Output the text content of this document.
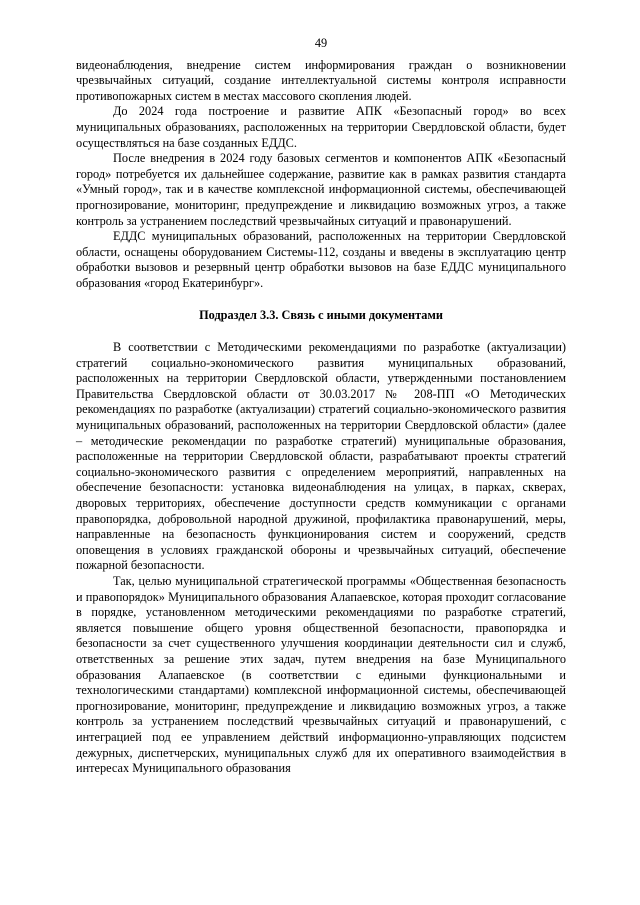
49

видеонаблюдения, внедрение систем информирования граждан о возникновении чрезвычайных ситуаций, создание интеллектуальной системы контроля исправности противопожарных систем в местах массового скопления людей.

До 2024 года построение и развитие АПК «Безопасный город» во всех муниципальных образованиях, расположенных на территории Свердловской области, будет осуществляться на базе созданных ЕДДС.

После внедрения в 2024 году базовых сегментов и компонентов АПК «Безопасный город» потребуется их дальнейшее содержание, развитие как в рамках развития стандарта «Умный город», так и в качестве комплексной информационной системы, обеспечивающей прогнозирование, мониторинг, предупреждение и ликвидацию возможных угроз, а также контроль за устранением последствий чрезвычайных ситуаций и правонарушений.

ЕДДС муниципальных образований, расположенных на территории Свердловской области, оснащены оборудованием Системы-112, созданы и введены в эксплуатацию центр обработки вызовов и резервный центр обработки вызовов на базе ЕДДС муниципального образования «город Екатеринбург».

Подраздел 3.3. Связь с иными документами

В соответствии с Методическими рекомендациями по разработке (актуализации) стратегий социально-экономического развития муниципальных образований, расположенных на территории Свердловской области, утвержденными постановлением Правительства Свердловской области от 30.03.2017 № 208-ПП «О Методических рекомендациях по разработке (актуализации) стратегий социально-экономического развития муниципальных образований, расположенных на территории Свердловской области» (далее – методические рекомендации по разработке стратегий) муниципальные образования, расположенные на территории Свердловской области, разрабатывают проекты стратегий социально-экономического развития с определением мероприятий, направленных на обеспечение безопасности: установка видеонаблюдения на улицах, в парках, скверах, дворовых территориях, обеспечение доступности средств коммуникации с органами правопорядка, добровольной народной дружиной, профилактика правонарушений, меры, направленные на безопасность функционирования систем и сооружений, средств оповещения в условиях гражданской обороны и чрезвычайных ситуаций, обеспечение пожарной безопасности.

Так, целью муниципальной стратегической программы «Общественная безопасность и правопорядок» Муниципального образования Алапаевское, которая проходит согласование в порядке, установленном методическими рекомендациями по разработке стратегий, является повышение общего уровня общественной безопасности, правопорядка и безопасности за счет существенного улучшения координации деятельности сил и служб, ответственных за решение этих задач, путем внедрения на базе Муниципального образования Алапаевское (в соответствии с едиными функциональными и технологическими стандартами) комплексной информационной системы, обеспечивающей прогнозирование, мониторинг, предупреждение и ликвидацию возможных угроз, а также контроль за устранением последствий чрезвычайных ситуаций и правонарушений, с интеграцией под ее управлением действий информационно-управляющих подсистем дежурных, диспетчерских, муниципальных служб для их оперативного взаимодействия в интересах Муниципального образования
